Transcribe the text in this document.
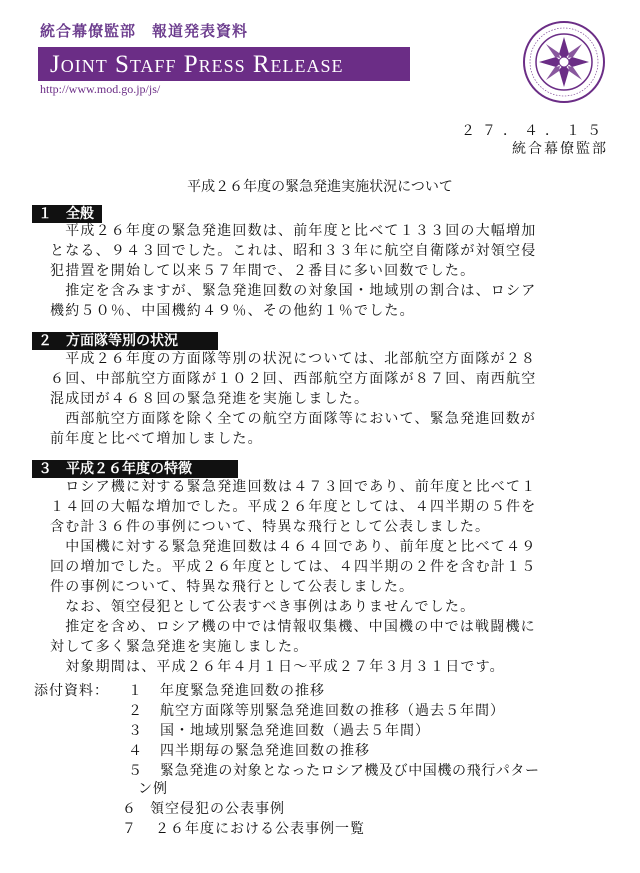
統合幕僚監部　報道発表資料
Joint Staff Press Release
http://www.mod.go.jp/js/
２７．４．１５
統合幕僚監部
平成２６年度の緊急発進実施状況について
１　全般
　平成２６年度の緊急発進回数は、前年度と比べて１３３回の大幅増加
となる、９４３回でした。これは、昭和３３年に航空自衛隊が対領空侵
犯措置を開始して以来５７年間で、２番目に多い回数でした。
　推定を含みますが、緊急発進回数の対象国・地域別の割合は、ロシア
機約５０％、中国機約４９％、その他約１％でした。
２　方面隊等別の状況
　平成２６年度の方面隊等別の状況については、北部航空方面隊が２８
６回、中部航空方面隊が１０２回、西部航空方面隊が８７回、南西航空
混成団が４６８回の緊急発進を実施しました。
　西部航空方面隊を除く全ての航空方面隊等において、緊急発進回数が
前年度と比べて増加しました。
３　平成２６年度の特徴
　ロシア機に対する緊急発進回数は４７３回であり、前年度と比べて１
１４回の大幅な増加でした。平成２６年度としては、４四半期の５件を
含む計３６件の事例について、特異な飛行として公表しました。
　中国機に対する緊急発進回数は４６４回であり、前年度と比べて４９
回の増加でした。平成２６年度としては、４四半期の２件を含む計１５
件の事例について、特異な飛行として公表しました。
　なお、領空侵犯として公表すべき事例はありませんでした。
　推定を含め、ロシア機の中では情報収集機、中国機の中では戦闘機に
対して多く緊急発進を実施しました。
　対象期間は、平成２６年４月１日～平成２７年３月３１日です。
添付資料： １ 年度緊急発進回数の推移
２ 航空方面隊等別緊急発進回数の推移（過去５年間）
３ 国・地域別緊急発進回数（過去５年間）
４ 四半期毎の緊急発進回数の推移
５ 緊急発進の対象となったロシア機及び中国機の飛行パター
ン例
６ 領空侵犯の公表事例
７ ２６年度における公表事例一覧
